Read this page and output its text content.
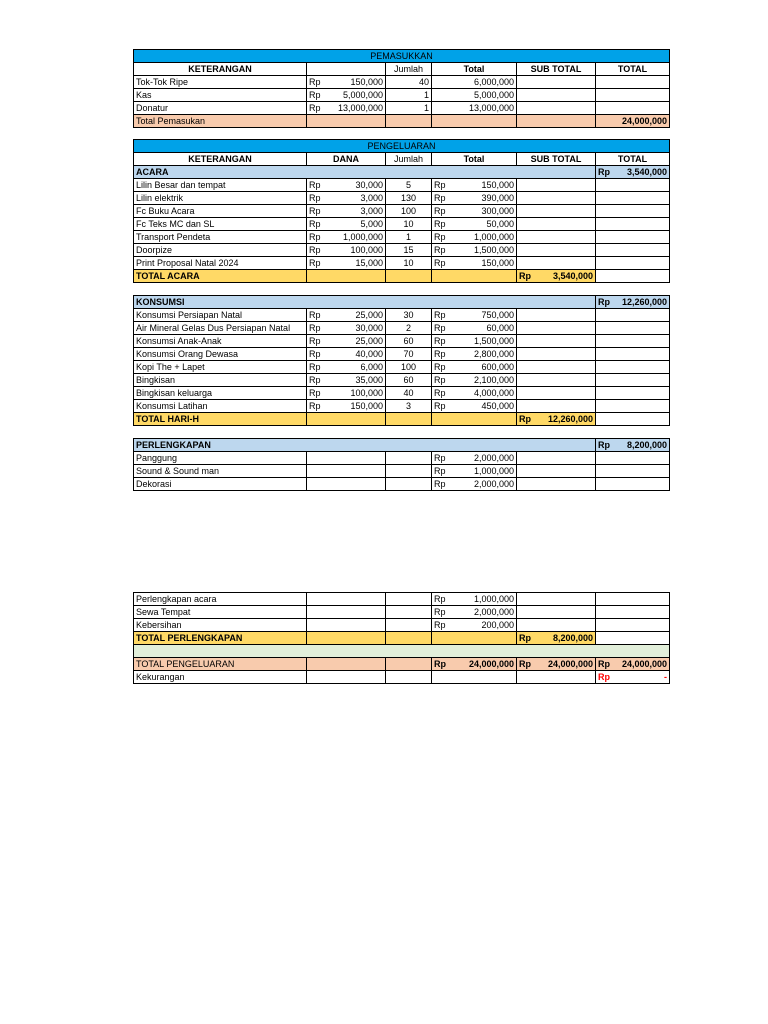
PEMASUKKAN					
KETERANGAN		Jumlah	Total	SUB TOTAL	TOTAL
Tok-Tok Ripe	Rp 150,000	40	6,000,000		
Kas	Rp 5,000,000	1	5,000,000		
Donatur	Rp 13,000,000	1	13,000,000		
Total Pemasukan					24,000,000
PENGELUARAN					
KETERANGAN	DANA	Jumlah	Total	SUB TOTAL	TOTAL
ACARA					Rp 3,540,000

Lilin Besar dan tempat	Rp 30,000	5	Rp 150,000		

Lilin elektrik	Rp 3,000	130	Rp 390,000		

Fc Buku Acara	Rp 3,000	100	Rp 300,000		

Fc Teks MC dan SL	Rp 5,000	10	Rp 50,000		

Transport Pendeta	Rp 1,000,000	1	Rp 1,000,000		

Doorpize	Rp 100,000	15	Rp 1,500,000		

Print Proposal Natal 2024	Rp 15,000	10	Rp 150,000		

TOTAL ACARA				Rp 3,540,000	

KONSUMSI					Rp 12,260,000

Konsumsi Persiapan Natal	Rp 25,000	30	Rp 750,000		

Air Mineral Gelas Dus Persiapan Natal	Rp 30,000	2	Rp 60,000		

Konsumsi Anak-Anak	Rp 25,000	60	Rp 1,500,000		

Konsumsi Orang Dewasa	Rp 40,000	70	Rp 2,800,000		

Kopi The + Lapet	Rp 6,000	100	Rp 600,000		

Bingkisan	Rp 35,000	60	Rp 2,100,000		

Bingkisan keluarga	Rp 100,000	40	Rp 4,000,000		

Konsumsi Latihan	Rp 150,000	3	Rp 450,000		

TOTAL HARI-H				Rp 12,260,000	

PERLENGKAPAN					Rp 8,200,000

Panggung			Rp 2,000,000		

Sound & Sound man			Rp 1,000,000		

Dekorasi			Rp 2,000,000		

Perlengkapan acara			Rp 1,000,000		

Sewa Tempat			Rp 2,000,000		

Kebersihan			Rp 200,000		

TOTAL PERLENGKAPAN				Rp 8,200,000	

TOTAL PENGELUARAN			Rp 24,000,000	Rp 24,000,000	Rp 24,000,000

Kekurangan					Rp -
